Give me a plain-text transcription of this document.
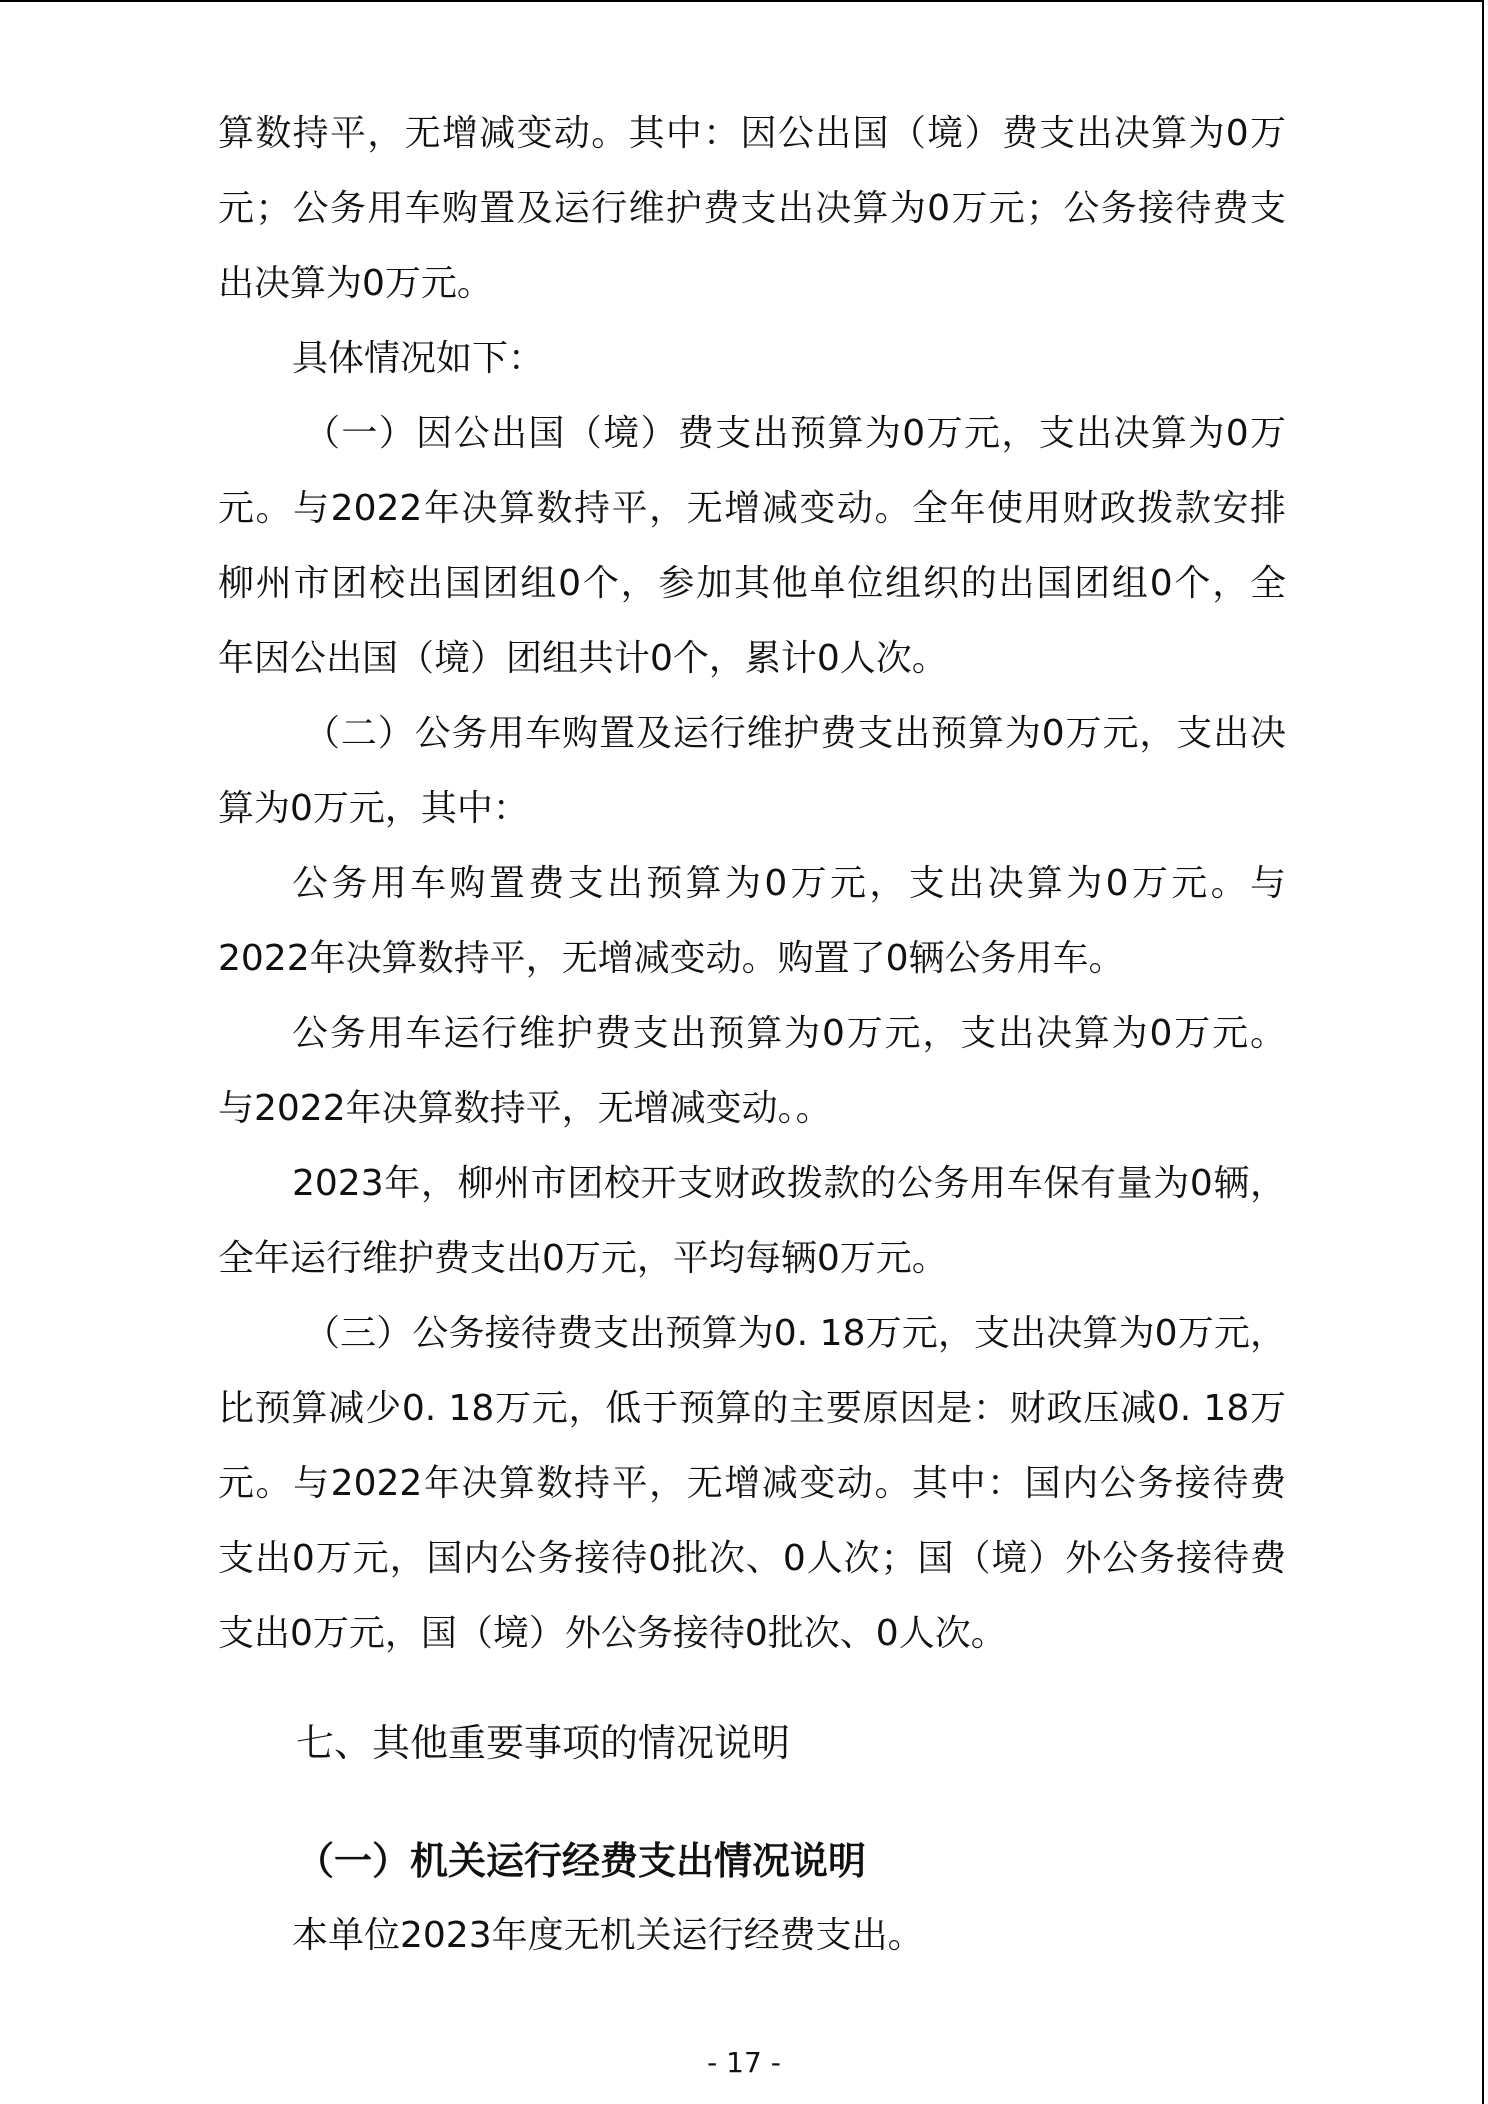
算数持平，无增减变动。其中：因公出国（境）费支出决算为0万
元；公务用车购置及运行维护费支出决算为0万元；公务接待费支
出决算为0万元。
具体情况如下：
（一）因公出国（境）费支出预算为0万元，支出决算为0万
元。与2022年决算数持平，无增减变动。全年使用财政拨款安排
柳州市团校出国团组0个，参加其他单位组织的出国团组0个，全
年因公出国（境）团组共计0个，累计0人次。
（二）公务用车购置及运行维护费支出预算为0万元，支出决
算为0万元，其中：
公务用车购置费支出预算为0万元，支出决算为0万元。与
2022年决算数持平，无增减变动。购置了0辆公务用车。
公务用车运行维护费支出预算为0万元，支出决算为0万元。
与2022年决算数持平，无增减变动。。
2023年，柳州市团校开支财政拨款的公务用车保有量为0辆，
全年运行维护费支出0万元，平均每辆0万元。
（三）公务接待费支出预算为0. 18万元，支出决算为0万元，
比预算减少0. 18万元，低于预算的主要原因是：财政压减0. 18万
元。与2022年决算数持平，无增减变动。其中：国内公务接待费
支出0万元，国内公务接待0批次、0人次；国（境）外公务接待费
支出0万元，国（境）外公务接待0批次、0人次。
七、其他重要事项的情况说明
（一）机关运行经费支出情况说明
本单位2023年度无机关运行经费支出。
- 17 -
